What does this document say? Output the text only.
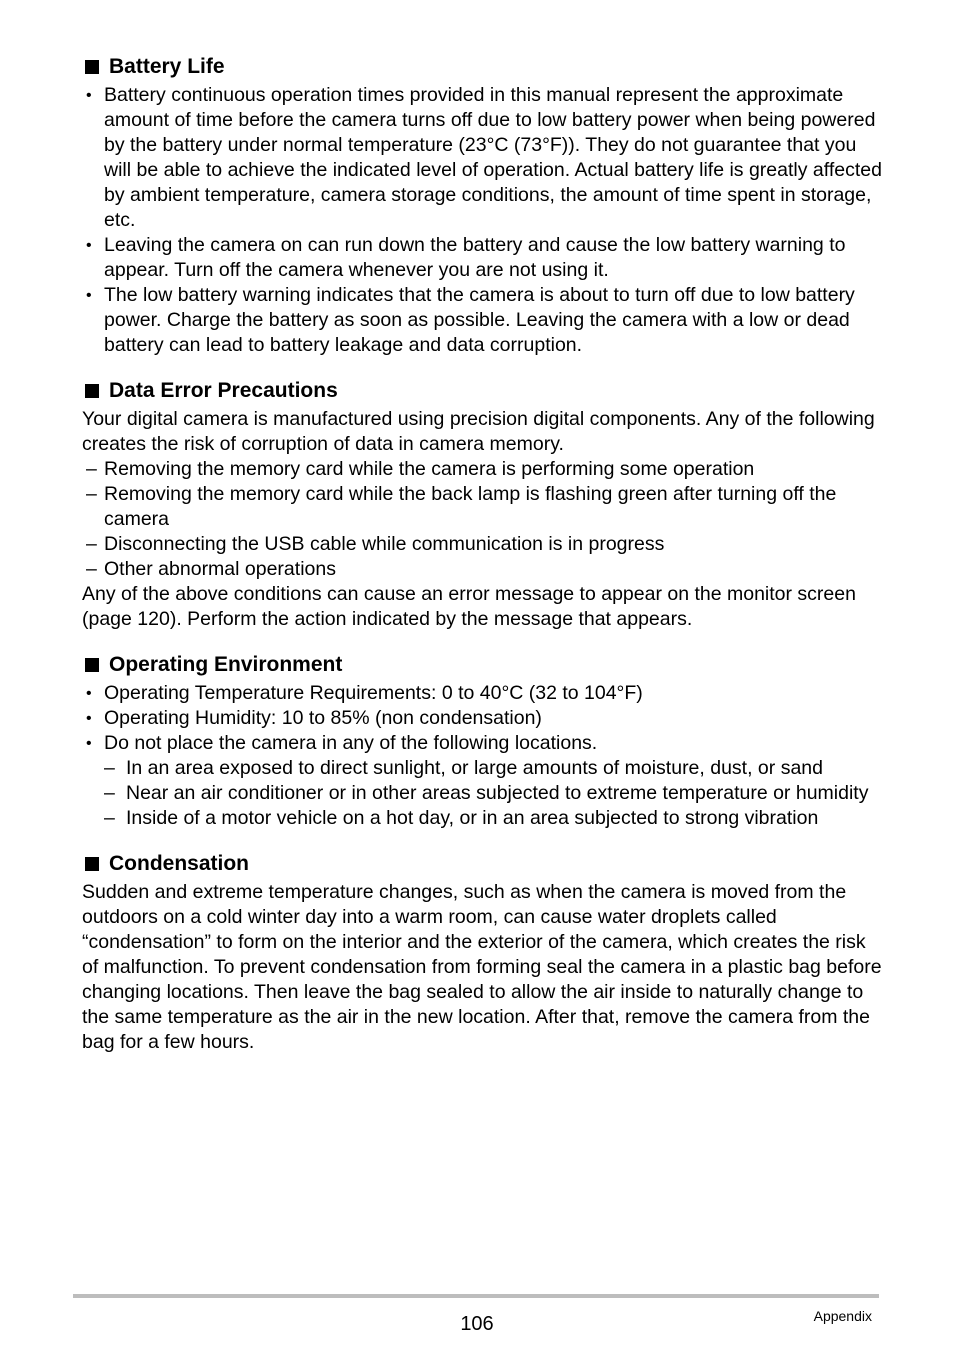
Battery Life
• Battery continuous operation times provided in this manual represent the approximate amount of time before the camera turns off due to low battery power when being powered by the battery under normal temperature (23°C (73°F)). They do not guarantee that you will be able to achieve the indicated level of operation. Actual battery life is greatly affected by ambient temperature, camera storage conditions, the amount of time spent in storage, etc.
• Leaving the camera on can run down the battery and cause the low battery warning to appear. Turn off the camera whenever you are not using it.
• The low battery warning indicates that the camera is about to turn off due to low battery power. Charge the battery as soon as possible. Leaving the camera with a low or dead battery can lead to battery leakage and data corruption.
Data Error Precautions

Your digital camera is manufactured using precision digital components. Any of the following creates the risk of corruption of data in camera memory.

– Removing the memory card while the camera is performing some operation
– Removing the memory card while the back lamp is flashing green after turning off the camera
– Disconnecting the USB cable while communication is in progress
– Other abnormal operations

Any of the above conditions can cause an error message to appear on the monitor screen (page 120). Perform the action indicated by the message that appears.

Operating Environment
• Operating Temperature Requirements: 0 to 40°C (32 to 104°F)
• Operating Humidity: 10 to 85% (non condensation)
• Do not place the camera in any of the following locations.
– In an area exposed to direct sunlight, or large amounts of moisture, dust, or sand
– Near an air conditioner or in other areas subjected to extreme temperature or humidity
– Inside of a motor vehicle on a hot day, or in an area subjected to strong vibration
Condensation

Sudden and extreme temperature changes, such as when the camera is moved from the outdoors on a cold winter day into a warm room, can cause water droplets called “condensation” to form on the interior and the exterior of the camera, which creates the risk of malfunction. To prevent condensation from forming seal the camera in a plastic bag before changing locations. Then leave the bag sealed to allow the air inside to naturally change to the same temperature as the air in the new location. After that, remove the camera from the bag for a few hours.

106	Appendix
